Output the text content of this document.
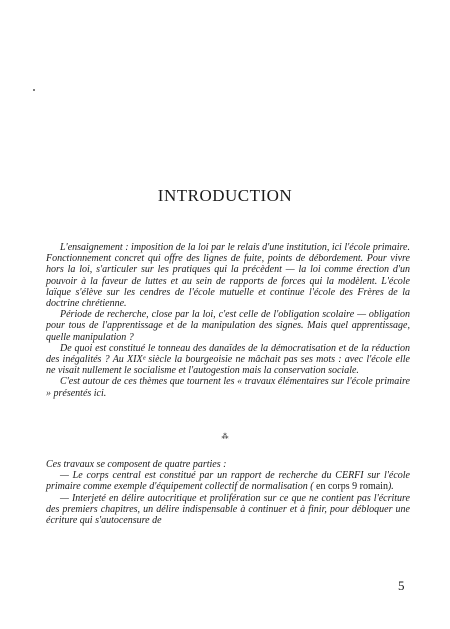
INTRODUCTION

L'ensaignement : imposition de la loi par le relais d'une institution, ici l'école primaire. Fonctionnement concret qui offre des lignes de fuite, points de débordement. Pour vivre hors la loi, s'articuler sur les pratiques qui la précèdent — la loi comme érection d'un pouvoir à la faveur de luttes et au sein de rapports de forces qui la modèlent. L'école laïque s'élève sur les cendres de l'école mutuelle et continue l'école des Frères de la doctrine chrétienne.

Période de recherche, close par la loi, c'est celle de l'obligation scolaire — obligation pour tous de l'apprentissage et de la manipulation des signes. Mais quel apprentissage, quelle manipulation ?

De quoi est constitué le tonneau des danaïdes de la démocratisation et de la réduction des inégalités ? Au XIXᵉ siècle la bourgeoisie ne mâchait pas ses mots : avec l'école elle ne visait nullement le socialisme et l'autogestion mais la conservation sociale.

C'est autour de ces thèmes que tournent les « travaux élémentaires sur l'école primaire » présentés ici.

⁂

Ces travaux se composent de quatre parties :

— Le corps central est constitué par un rapport de recherche du CERFI sur l'école primaire comme exemple d'équipement collectif de normalisation ( en corps 9 romain).

— Interjeté en délire autocritique et prolifération sur ce que ne contient pas l'écriture des premiers chapitres, un délire indispensable à continuer et à finir, pour débloquer une écriture qui s'autocensure de

5
